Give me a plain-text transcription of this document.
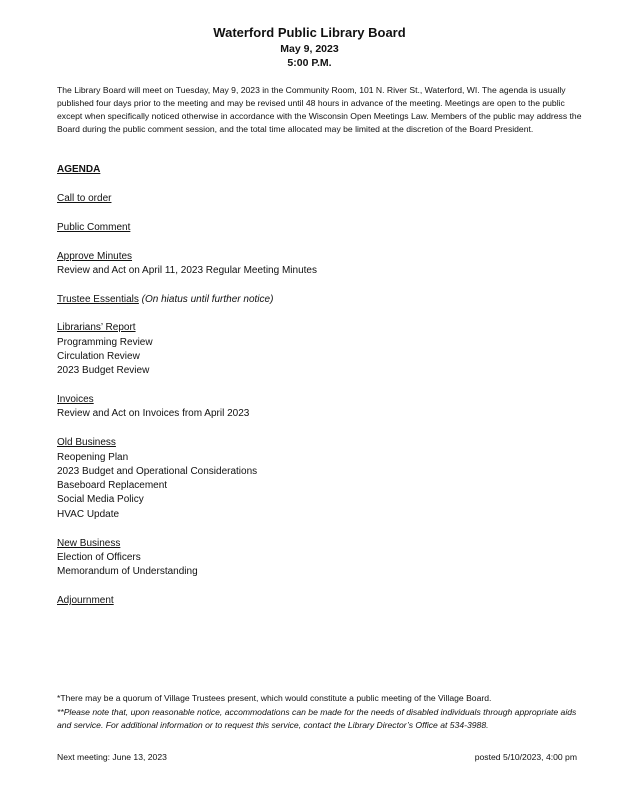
Waterford Public Library Board
May 9, 2023
5:00 P.M.
The Library Board will meet on Tuesday, May 9, 2023 in the Community Room, 101 N. River St., Waterford, WI. The agenda is usually published four days prior to the meeting and may be revised until 48 hours in advance of the meeting. Meetings are open to the public except when specifically noticed otherwise in accordance with the Wisconsin Open Meetings Law. Members of the public may address the Board during the public comment session, and the total time allocated may be limited at the discretion of the Board President.
AGENDA
Call to order
Public Comment
Approve Minutes
Review and Act on April 11, 2023 Regular Meeting Minutes
Trustee Essentials (On hiatus until further notice)
Librarians’ Report
Programming Review
Circulation Review
2023 Budget Review
Invoices
Review and Act on Invoices from April 2023
Old Business
Reopening Plan
2023 Budget and Operational Considerations
Baseboard Replacement
Social Media Policy
HVAC Update
New Business
Election of Officers
Memorandum of Understanding
Adjournment
*There may be a quorum of Village Trustees present, which would constitute a public meeting of the Village Board.
**Please note that, upon reasonable notice, accommodations can be made for the needs of disabled individuals through appropriate aids and service. For additional information or to request this service, contact the Library Director’s Office at 534-3988.
Next meeting: June 13, 2023	posted 5/10/2023, 4:00 pm
